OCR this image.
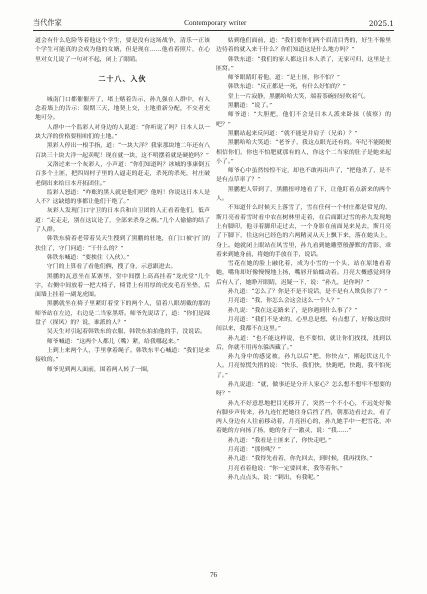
当代作家	Contemporary writer	2025.1

道会有什么危险等着他这个学生，要是没有这场战争，清乐一正该个学生可能真的会成为他的女婿，但是现在……他看着照片，在心里对女儿说了一句对不起，闭上了眼睛。

二十八、入伙

城南门口都催催开了，堵上赌着告示，孙九强在人群中，有人念着墙上的告示：限期三天，地契上交，土地重新分配，不交者充地可分。

人群中一个监彩人对身边的人说道：“你听说了吗？日本人以一块大洋的价格要租咱们的土地。”

黑彩人停出一根手指，道：“一块大洋？我家那块地二年还有八百块三十块大洋一起卖呢！现在就一块，这不明摆着就是硬抢吗？”

又洛过来一个灰彩人，小声道：“你们知道吗？冰城的事康倒五百多个土匪，把四周村子里的人逼走的赶走，杀死的杀死，衬庄破老倒出来给日本开拓团住。”

监彩人怒道：“咋账的黑人就是他们吧？他妈！你说这日本人是人不？这缺德的事都让他们干绝了。”

灰彩人发现门口守卫的日本兵和自卫团的人正看着他们，低声道：“走走走，别在这议论了，全部来杀身之祸。”几个人偷偷的结了了人群。

韩铁东骑着老带着吴天生搜到了黑鹏的驻地，在门口被守门的扶住了，守门问道：“干什么的？”

韩铁东喊道：“要挨住（入伙）。”

守门的上算看了看他们俩，搜了身，示意跟进去。

黑鹏的瓦意坐在某寨里，堂中间摆上高高挂着“龙虎堂”几个字，右侧中间放着一把大椅子，椅背上有用厚的虎皮毛育坐垫，后面墙上挂着一副龙虎图。

黑鹏就坐在椅子里紧盯着堂下的两个人，留着八眼胡戴的那的师爷站在左边，右边是二当家黑塔。师爷先说话了，道：“你们是踩盘子（探风）的？说，谁派的人？”

吴天生对引起着韩铁东的衣服，韩铁东拍拍他的手，没说话。

师爷喊道：“这两个人都儿（嘴）紧，给我哪起来。”

上到上来两个人，手里拿着绳子。韩铁东平心喊道：“我们是来接收的。”

师爷见到两人面前，围着两人转了一圈，

姑到他们面前，道：“我们要你们两个眉清目秀的，好生不像里边待着的就入来干什么？你们知道这是什么地方吗？”

韩铁东道：“我们的家人都这日本人杀了，无家可归，这里是土匪窝。”

师爷眼睛盯着他，道：“是土匪，你不怕？”

韩铁东道：“反正都是一死，有什么好怕的？”

堂上一片寂静，黑鹏哈哈大笑，端着茶碗轻轻吹着气。

黑鹏道：“说了。”

师爷道：“大胆把，他们不会是日本人派来卧抹（侦察）的吧？”

黑鹏站起来反问道：“就不能是并肩子（兄弟）？”

黑鹏哈哈大笑道：“老爷子，我这点眼光还有的。年纪不能随便相信你们，你也不怕肥就那有的人，你这个二当家的肚子是她来起小了。”

师爷心中虽然惊惶不定，却也不敢再出声了，“把他杀了，是不是有点草率了？”

黑鹏把人带到了，黑鹏扭呼地看了下，让他盯着点新来的两个人。

不知道什么时候天上落雪了，雪在任何一个村庄都是常见的，斯月亮看着雪时看中农在树林里走着，在后面跟过雪的孙九发现地上有脚印，他寻着脚印走过去，一个身影在前面晃来晃去，斯月亮了下脚下，往这向已经色的六两精灵从天上飘下来，落在她头上，身上。她就闭上眼站在风雪里，孙九看到她雕塑般静默的背影，乖着来到她身前，将她的手放在手，说话。

雪花在她的脸上融化着，成为小雪的一个头，站在原地看着她，嘴角却好像慢慢地上扬，嘴唇开始蠕动着。月亮大概感觉到身后有人了，她睁开眼睛，迟疑一下，说：“孙九，是你吗？”

孙九道：“怎么了？你是不是不说话，是不是有人欺负你了？”

月亮道：“我，你怎么会这会这么一个人？”

孙九说：“我在这走路来了，是你遇到什么事了？”

月亮道：“我们不是来的，心里总是想，有点想了，好像这段时间以来，我都不在这里。”

孙九道：“也不能这样说，也不要怕，就让你们找找，找到以后，你就不用再东躲西藏了。”

孙九身中的感觉被，孙九以后“把，你快点”，刚起伏这几个人。月亮惊慌失措的说：“快乐，我们快，快跑吧，快跑，我不怕死了。”

孙九说道：“就，做事还是分开人家心？怎么想不想牢不想要的呀？”

孙九不好意思地把目光移开了，突然一个不小心，不远处好像有脚步声传来，孙九连忙把她往身后挡了挡，朝那边看过去，看了两人身边有人往前移动着，月亮担心的，孙九她手中一把雪花，冲着她的方向扬了扬，她的身子一激灵，说：“我……”

孙九道：“我看是土匪来了，你快走吧。”

月亮道：“那你呢？”

孙九道：“我得先看着，你先回去，到时候，我再找你。”

月亮看着他说：“你一定要回来，我等着你。”

孙九点点头，说：“刺出，有我呢。”

76
